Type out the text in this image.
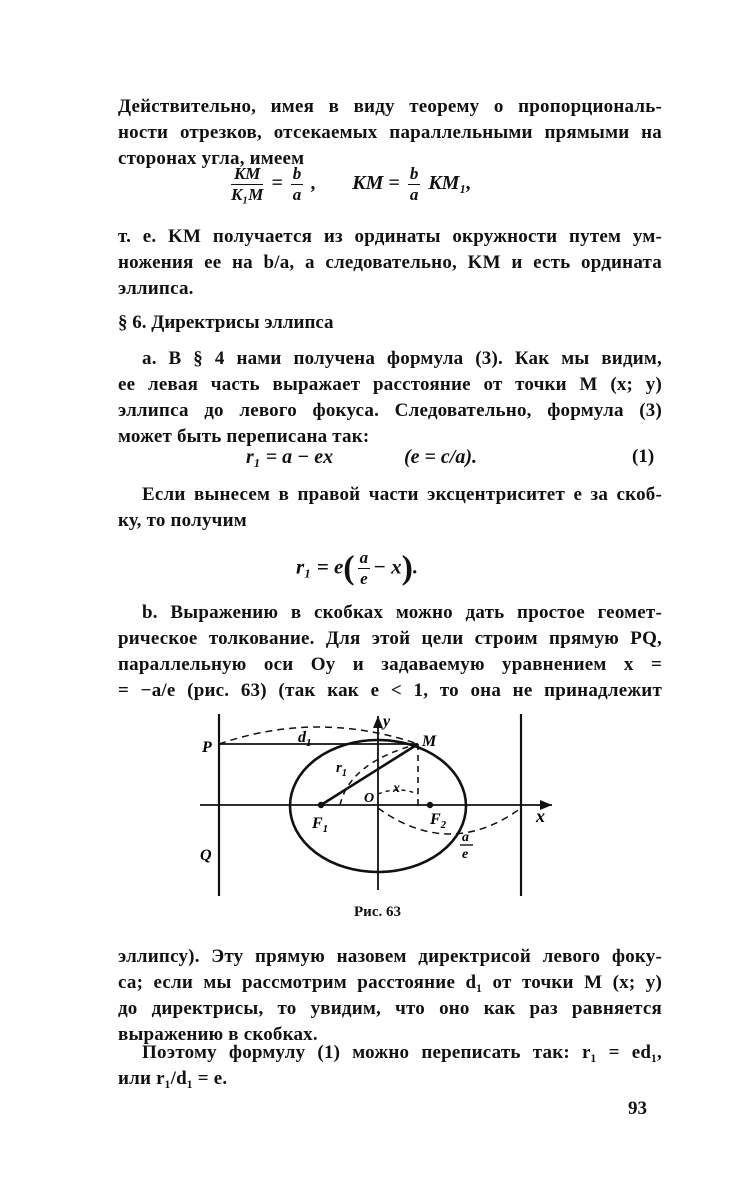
Действительно, имея в виду теорему о пропорциональ-
ности отрезков, отсекаемых параллельными прямыми на
сторонах угла, имеем
$\frac{KM}{\text{K₁M}} = \frac{b}{a}$ , KM = $\frac{b}{a} KM_1$,
т. е. KM получается из ординаты окружности путем ум-
ножения ее на b/a, а следовательно, KM и есть ордината
эллипса.
§ 6. Директрисы эллипса
a. В § 4 нами получена формула (3). Как мы видим,
ее левая часть выражает расстояние от точки M (x; y)
эллипса до левого фокуса. Следовательно, формула (3)
может быть переписана так:
r₁ = a − ex	(e = c/a).	(1)
Если вынесем в правой части эксцентриситет e за скоб-
ку, то получим
$r_1 = e( \frac{a}{e} - x)$.
b. Выражению в скобках можно дать простое геомет-
рическое толкование. Для этой цели строим прямую PQ,
параллельную оси Oy и задаваемую уравнением x =
= −a/e (рис. 63) (так как e < 1, то она не принадлежит
P
Q
y
x
M
O
$d_1$
$r_1$
$F_1$
$F_2$
x
a
e
Рис. 63
эллипсу). Эту прямую назовем директрисой левого фоку-
са; если мы рассмотрим расстояние d₁ от точки M (x; y)
до директрисы, то увидим, что оно как раз равняется
выражению в скобках.
Поэтому формулу (1) можно переписать так: r₁ = ed₁,
или r₁/d₁ = e.
93
